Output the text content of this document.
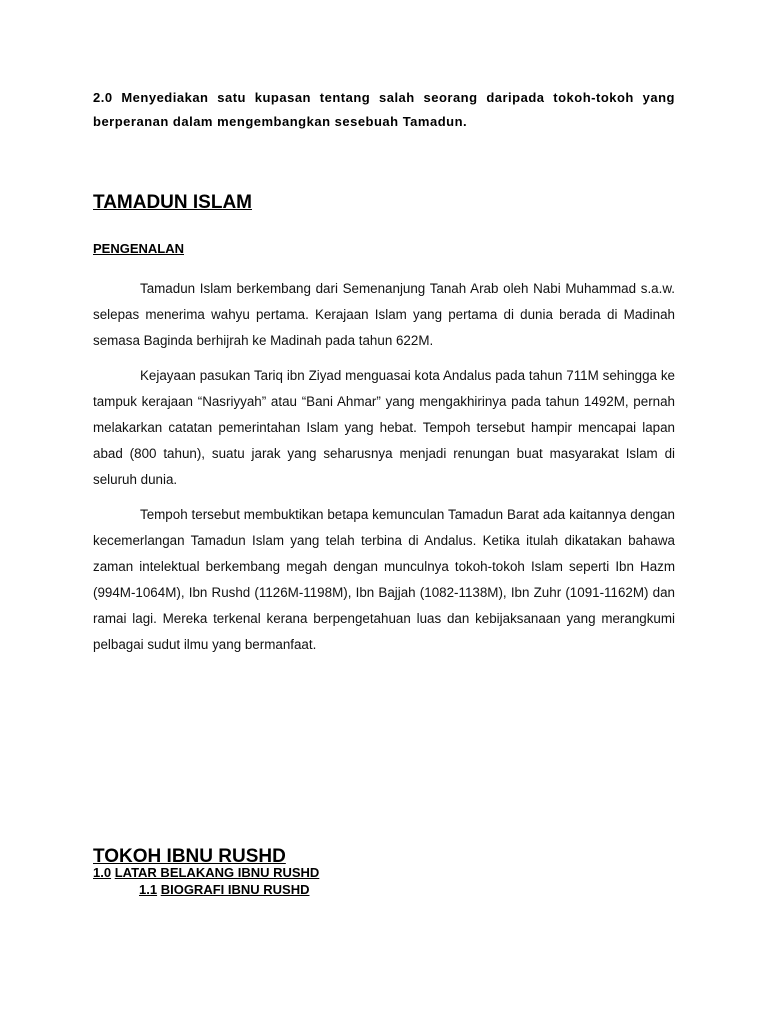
2.0 Menyediakan satu kupasan tentang salah seorang daripada tokoh-tokoh yang berperanan dalam mengembangkan sesebuah Tamadun.

TAMADUN ISLAM
PENGENALAN

Tamadun Islam berkembang dari Semenanjung Tanah Arab oleh Nabi Muhammad s.a.w. selepas menerima wahyu pertama. Kerajaan Islam yang pertama di dunia berada di Madinah semasa Baginda berhijrah ke Madinah pada tahun 622M.

Kejayaan pasukan Tariq ibn Ziyad menguasai kota Andalus pada tahun 711M sehingga ke tampuk kerajaan “Nasriyyah” atau “Bani Ahmar” yang mengakhirinya pada tahun 1492M, pernah melakarkan catatan pemerintahan Islam yang hebat. Tempoh tersebut hampir mencapai lapan abad (800 tahun), suatu jarak yang seharusnya menjadi renungan buat masyarakat Islam di seluruh dunia.

Tempoh tersebut membuktikan betapa kemunculan Tamadun Barat ada kaitannya dengan kecemerlangan Tamadun Islam yang telah terbina di Andalus. Ketika itulah dikatakan bahawa zaman intelektual berkembang megah dengan munculnya tokoh-tokoh Islam seperti Ibn Hazm (994M-1064M), Ibn Rushd (1126M-1198M), Ibn Bajjah (1082-1138M), Ibn Zuhr (1091-1162M) dan ramai lagi. Mereka terkenal kerana berpengetahuan luas dan kebijaksanaan yang merangkumi pelbagai sudut ilmu yang bermanfaat.

TOKOH IBNU RUSHD

1.0 LATAR BELAKANG IBNU RUSHD

1.1 BIOGRAFI IBNU RUSHD
